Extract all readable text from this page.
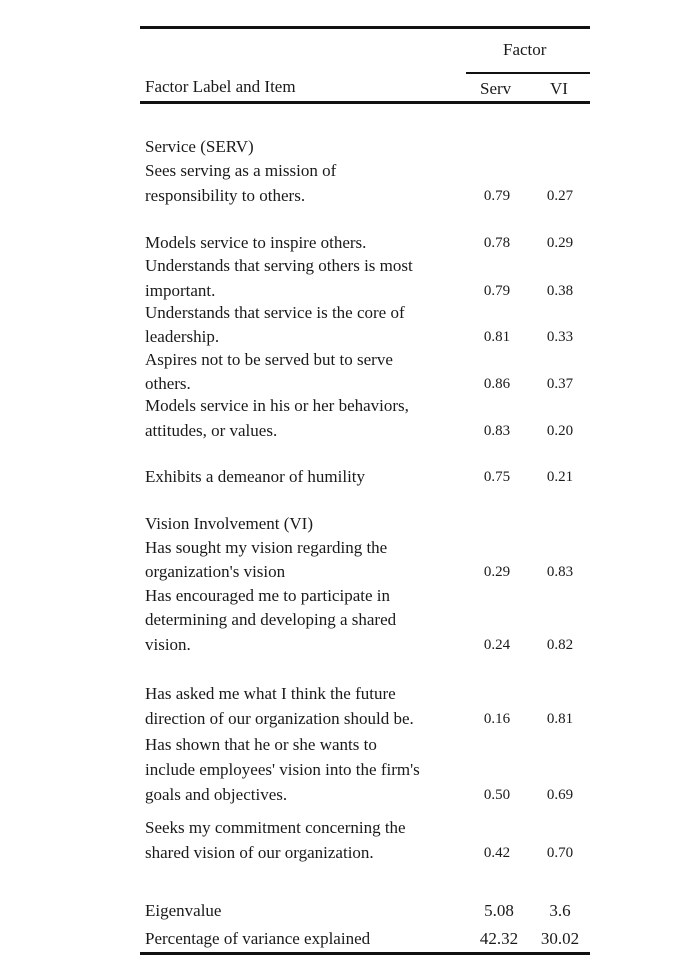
Factor
Factor Label and Item	Serv VI
Service (SERV)
Sees serving as a mission of
responsibility to others.	0.79	0.27
Models service to inspire others.	0.78	0.29
Understands that serving others is most
important.	0.79	0.38
Understands that service is the core of
leadership.	0.81	0.33
Aspires not to be served but to serve
others.	0.86	0.37
Models service in his or her behaviors,
attitudes, or values.	0.83	0.20
Exhibits a demeanor of humility	0.75	0.21
Vision Involvement (VI)
Has sought my vision regarding the
organization's vision	0.29	0.83
Has encouraged me to participate in
determining and developing a shared
vision.	0.24	0.82
Has asked me what I think the future
direction of our organization should be.	0.16	0.81
Has shown that he or she wants to
include employees' vision into the firm's
goals and objectives.	0.50	0.69
Seeks my commitment concerning the
shared vision of our organization.	0.42	0.70
Eigenvalue	5.08	3.6
Percentage of variance explained	42.32	30.02
